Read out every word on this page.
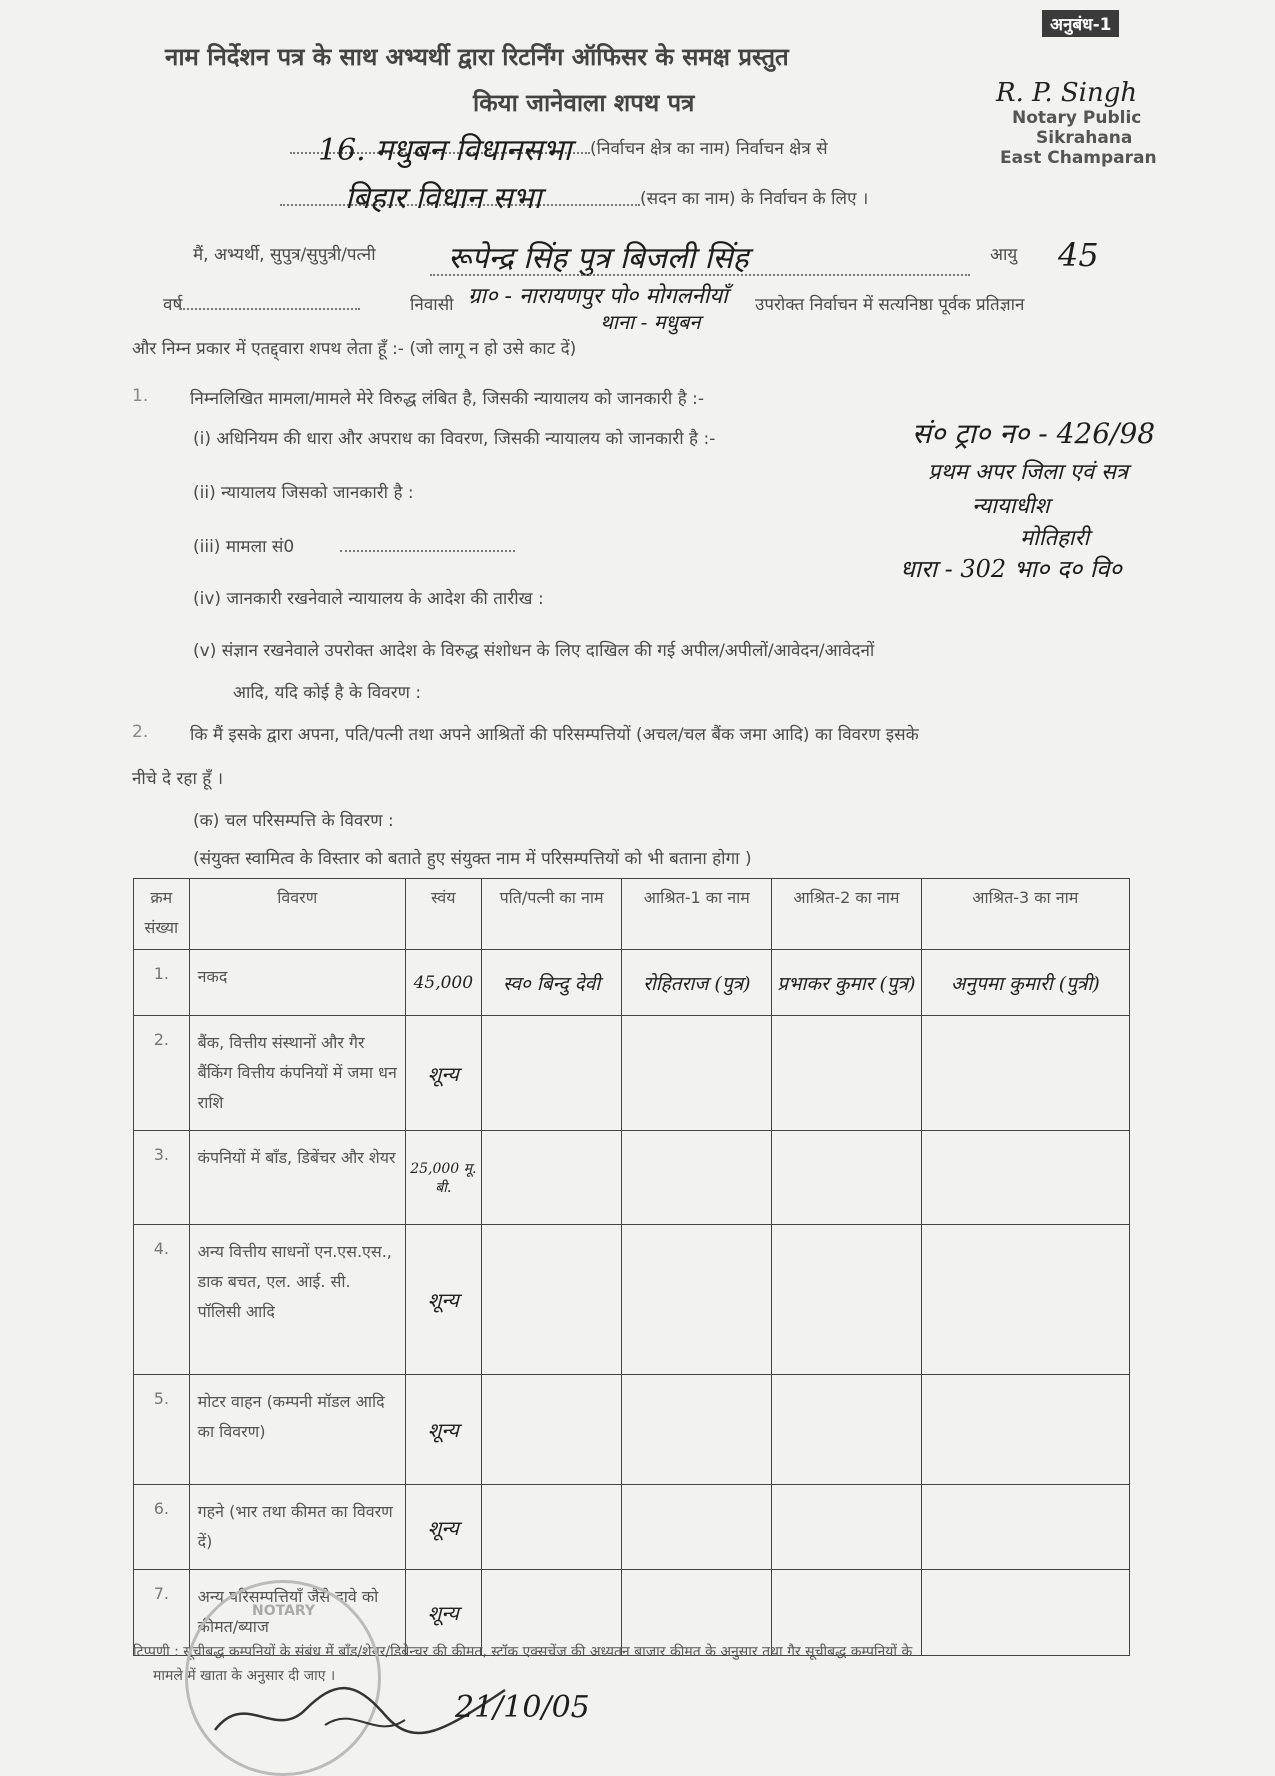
अनुबंध-1
नाम निर्देशन पत्र के साथ अभ्यर्थी द्वारा रिटर्निंग ऑफिसर के समक्ष प्रस्तुत
किया जानेवाला शपथ पत्र	R. P. Singh
Notary Public
Sikrahana
East Champaran
16. मधुबन विधानसभा (निर्वाचन क्षेत्र का नाम) निर्वाचन क्षेत्र से
बिहार विधान सभा	(सदन का नाम) के निर्वाचन के लिए ।
मैं, अभ्यर्थी, सुपुत्र/सुपुत्री/पत्नी रूपेन्द्र सिंह पुत्र बिजली सिंह	आयु 45
वर्ष	निवासी ग्रा० - नारायणपुर पो० मोगलनीयाँ
थाना - मधुबन
उपरोक्त निर्वाचन में सत्यनिष्ठा पूर्वक प्रतिज्ञान
और निम्न प्रकार में एतद्द्वारा शपथ लेता हूँ :- (जो लागू न हो उसे काट दें)
1. निम्नलिखित मामला/मामले मेरे विरुद्ध लंबित है, जिसकी न्यायालय को जानकारी है :-
(i) अधिनियम की धारा और अपराध का विवरण, जिसकी न्यायालय को जानकारी है :-
(ii) न्यायालय जिसको जानकारी है :
(iii) मामला सं0
(iv) जानकारी रखनेवाले न्यायालय के आदेश की तारीख :
(v) संज्ञान रखनेवाले उपरोक्त आदेश के विरुद्ध संशोधन के लिए दाखिल की गई अपील/अपीलों/आवेदन/आवेदनों
आदि, यदि कोई है के विवरण :
सं० ट्रा० न० - 426/98
प्रथम अपर जिला एवं सत्र
न्यायाधीश
मोतिहारी
धारा - 302 भा० द० वि०
2. कि मैं इसके द्वारा अपना, पति/पत्नी तथा अपने आश्रितों की परिसम्पत्तियों (अचल/चल बैंक जमा आदि) का विवरण इसके
नीचे दे रहा हूँ ।
(क) चल परिसम्पत्ति के विवरण :
(संयुक्त स्वामित्व के विस्तार को बताते हुए संयुक्त नाम में परिसम्पत्तियों को भी बताना होगा )
क्रम संख्या	विवरण	स्वंय	पति/पत्नी का नाम	आश्रित-1 का नाम	आश्रित-2 का नाम	आश्रित-3 का नाम
1.	नकद	45,000	स्व० बिन्दु देवी	रोहितराज (पुत्र)	प्रभाकर कुमार (पुत्र)	अनुपमा कुमारी (पुत्री)
2.	बैंक, वित्तीय संस्थानों और गैर बैंकिंग वित्तीय कंपनियों में जमा धन राशि	शून्य				
3.	कंपनियों में बॉंड, डिबेंचर और शेयर	25,000 मू. बी.				
4.	अन्य वित्तीय साधनों एन.एस.एस., डाक बचत, एल. आई. सी. पॉलिसी आदि	शून्य				
5.	मोटर वाहन (कम्पनी मॉडल आदि का विवरण)	शून्य				
6.	गहने (भार तथा कीमत का विवरण दें)	शून्य				
7.	अन्य परिसम्पत्तियाँ जैसे दावे को कीमत/ब्याज	शून्य				
टिप्पणी : सूचीबद्ध कम्पनियों के संबंध में बॉंड/शेयर/डिबेन्चर की कीमत, स्टॉक एक्सचेंज की अध्यतन बाजार कीमत के अनुसार तथा गैर सूचीबद्ध कम्पनियों के
मामले में खाता के अनुसार दी जाए ।
NOTARY
21/10/05
